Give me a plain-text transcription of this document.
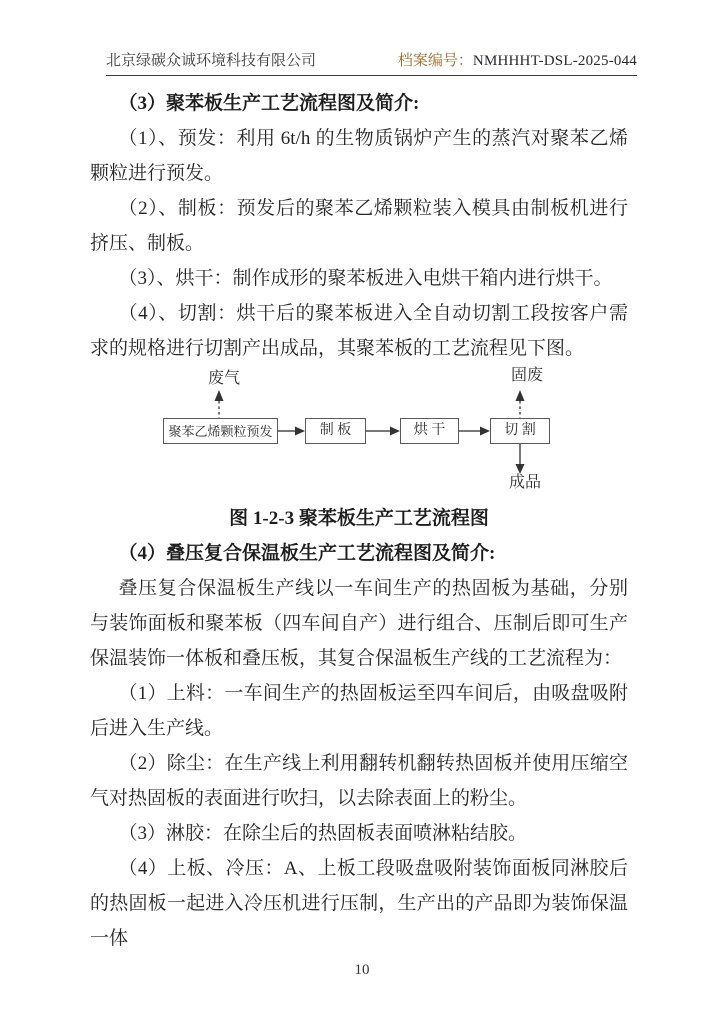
北京绿碳众诚环境科技有限公司	档案编号：NMHHHT-DSL-2025-044

（3）聚苯板生产工艺流程图及简介:

（1）、预发：利用 6t/h 的生物质锅炉产生的蒸汽对聚苯乙烯颗粒进行预发。

（2）、制板：预发后的聚苯乙烯颗粒装入模具由制板机进行挤压、制板。

（3）、烘干：制作成形的聚苯板进入电烘干箱内进行烘干。

（4）、切割：烘干后的聚苯板进入全自动切割工段按客户需求的规格进行切割产出成品，其聚苯板的工艺流程见下图。

废气	固废
聚苯乙烯颗粒预发	制 板	烘 干	切 割
成品

图 1-2-3 聚苯板生产工艺流程图

（4）叠压复合保温板生产工艺流程图及简介:

叠压复合保温板生产线以一车间生产的热固板为基础，分别与装饰面板和聚苯板（四车间自产）进行组合、压制后即可生产保温装饰一体板和叠压板，其复合保温板生产线的工艺流程为：

（1）上料：一车间生产的热固板运至四车间后，由吸盘吸附后进入生产线。

（2）除尘：在生产线上利用翻转机翻转热固板并使用压缩空气对热固板的表面进行吹扫，以去除表面上的粉尘。

（3）淋胶：在除尘后的热固板表面喷淋粘结胶。

（4）上板、冷压：A、上板工段吸盘吸附装饰面板同淋胶后的热固板一起进入冷压机进行压制，生产出的产品即为装饰保温一体

10
